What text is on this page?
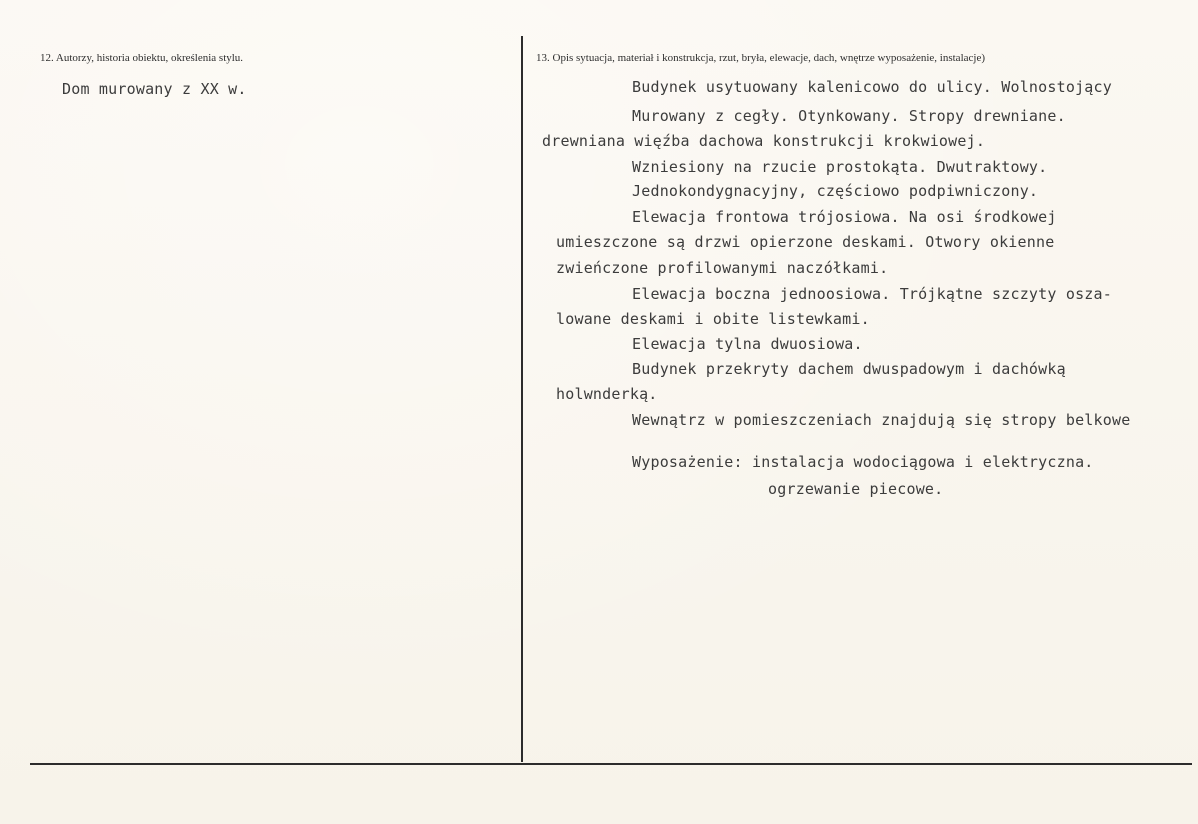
12. Autorzy, historia obiektu, określenia stylu.	13. Opis sytuacja, materiał i konstrukcja, rzut, bryła, elewacje, dach, wnętrze wyposażenie, instalacje)
Dom murowany z XX w.	Budynek usytuowany kalenicowo do ulicy. Wolnostojący
Murowany z cegły. Otynkowany. Stropy drewniane.
drewniana więźba dachowa konstrukcji krokwiowej.
Wzniesiony na rzucie prostokąta. Dwutraktowy.
Jednokondygnacyjny, częściowo podpiwniczony.
Elewacja frontowa trójosiowa. Na osi środkowej
umieszczone są drzwi opierzone deskami. Otwory okienne
zwieńczone profilowanymi naczółkami.
Elewacja boczna jednoosiowa. Trójkątne szczyty osza-
lowane deskami i obite listewkami.
Elewacja tylna dwuosiowa.
Budynek przekryty dachem dwuspadowym i dachówką
holwnderką.
Wewnątrz w pomieszczeniach znajdują się stropy belkowe
Wyposażenie: instalacja wodociągowa i elektryczna.
ogrzewanie piecowe.
